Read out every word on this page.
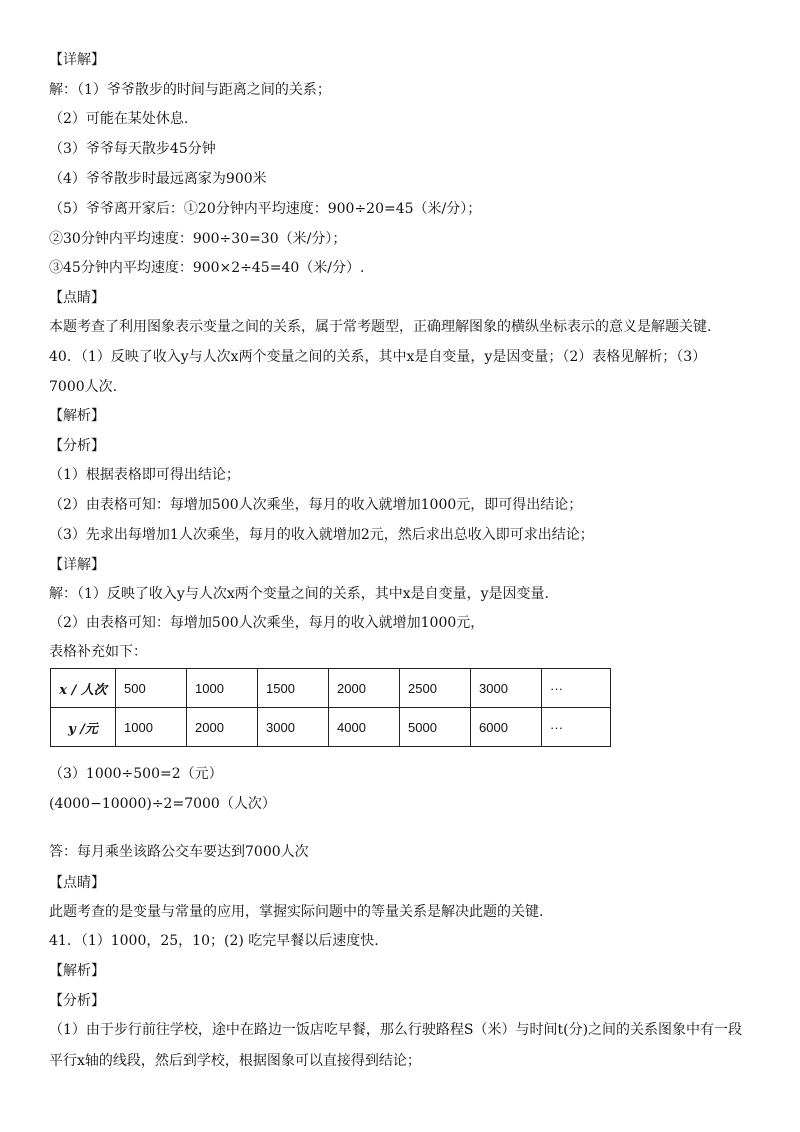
【详解】
解：（1）爷爷散步的时间与距离之间的关系；
（2）可能在某处休息.
（3）爷爷每天散步45分钟
（4）爷爷散步时最远离家为900米
（5）爷爷离开家后：①20分钟内平均速度：900÷20=45（米/分）；
②30分钟内平均速度：900÷30=30（米/分）；
③45分钟内平均速度：900×2÷45=40（米/分）.
【点睛】
本题考查了利用图象表示变量之间的关系，属于常考题型，正确理解图象的横纵坐标表示的意义是解题关键.
40．（1）反映了收入y与人次x两个变量之间的关系，其中x是自变量，y是因变量；（2）表格见解析；（3）
7000人次.
【解析】
【分析】
（1）根据表格即可得出结论；
（2）由表格可知：每增加500人次乘坐，每月的收入就增加1000元，即可得出结论；
（3）先求出每增加1人次乘坐，每月的收入就增加2元，然后求出总收入即可求出结论；
【详解】
解：（1）反映了收入y与人次x两个变量之间的关系，其中x是自变量，y是因变量.
（2）由表格可知：每增加500人次乘坐，每月的收入就增加1000元，
表格补充如下：
x / 人次	500	1000	1500	2000	2500	3000	···
y /元	1000	2000	3000	4000	5000	6000	···
（3）1000÷500=2（元）
(4000−10000)÷2=7000（人次）
答：每月乘坐该路公交车要达到7000人次
【点睛】
此题考查的是变量与常量的应用，掌握实际问题中的等量关系是解决此题的关键.
41．（1）1000，25，10；(2) 吃完早餐以后速度快.
【解析】
【分析】
（1）由于步行前往学校，途中在路边一饭店吃早餐，那么行驶路程S（米）与时间t(分)之间的关系图象中有一段
平行x轴的线段，然后到学校，根据图象可以直接得到结论；
